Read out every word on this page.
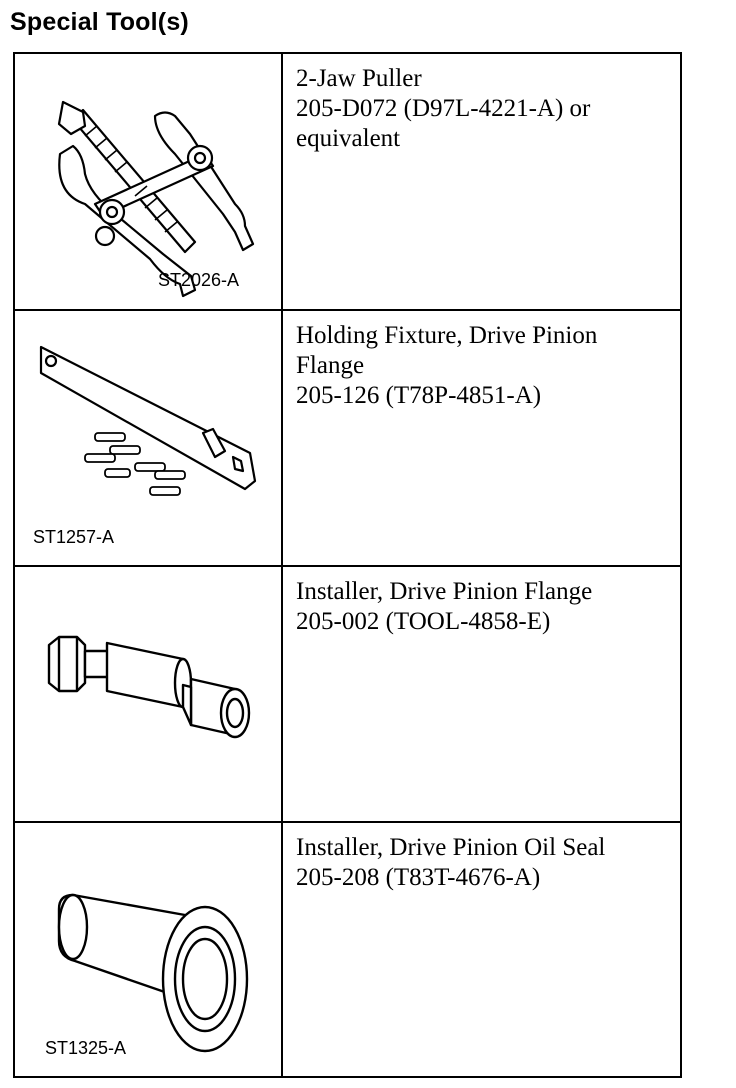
Special Tool(s)
ST2026-A
2-Jaw Puller
205-D072 (D97L-4221-A) or
equivalent
ST1257-A
Holding Fixture, Drive Pinion
Flange
205-126 (T78P-4851-A)
Installer, Drive Pinion Flange
205-002 (TOOL-4858-E)
ST1325-A
Installer, Drive Pinion Oil Seal
205-208 (T83T-4676-A)
